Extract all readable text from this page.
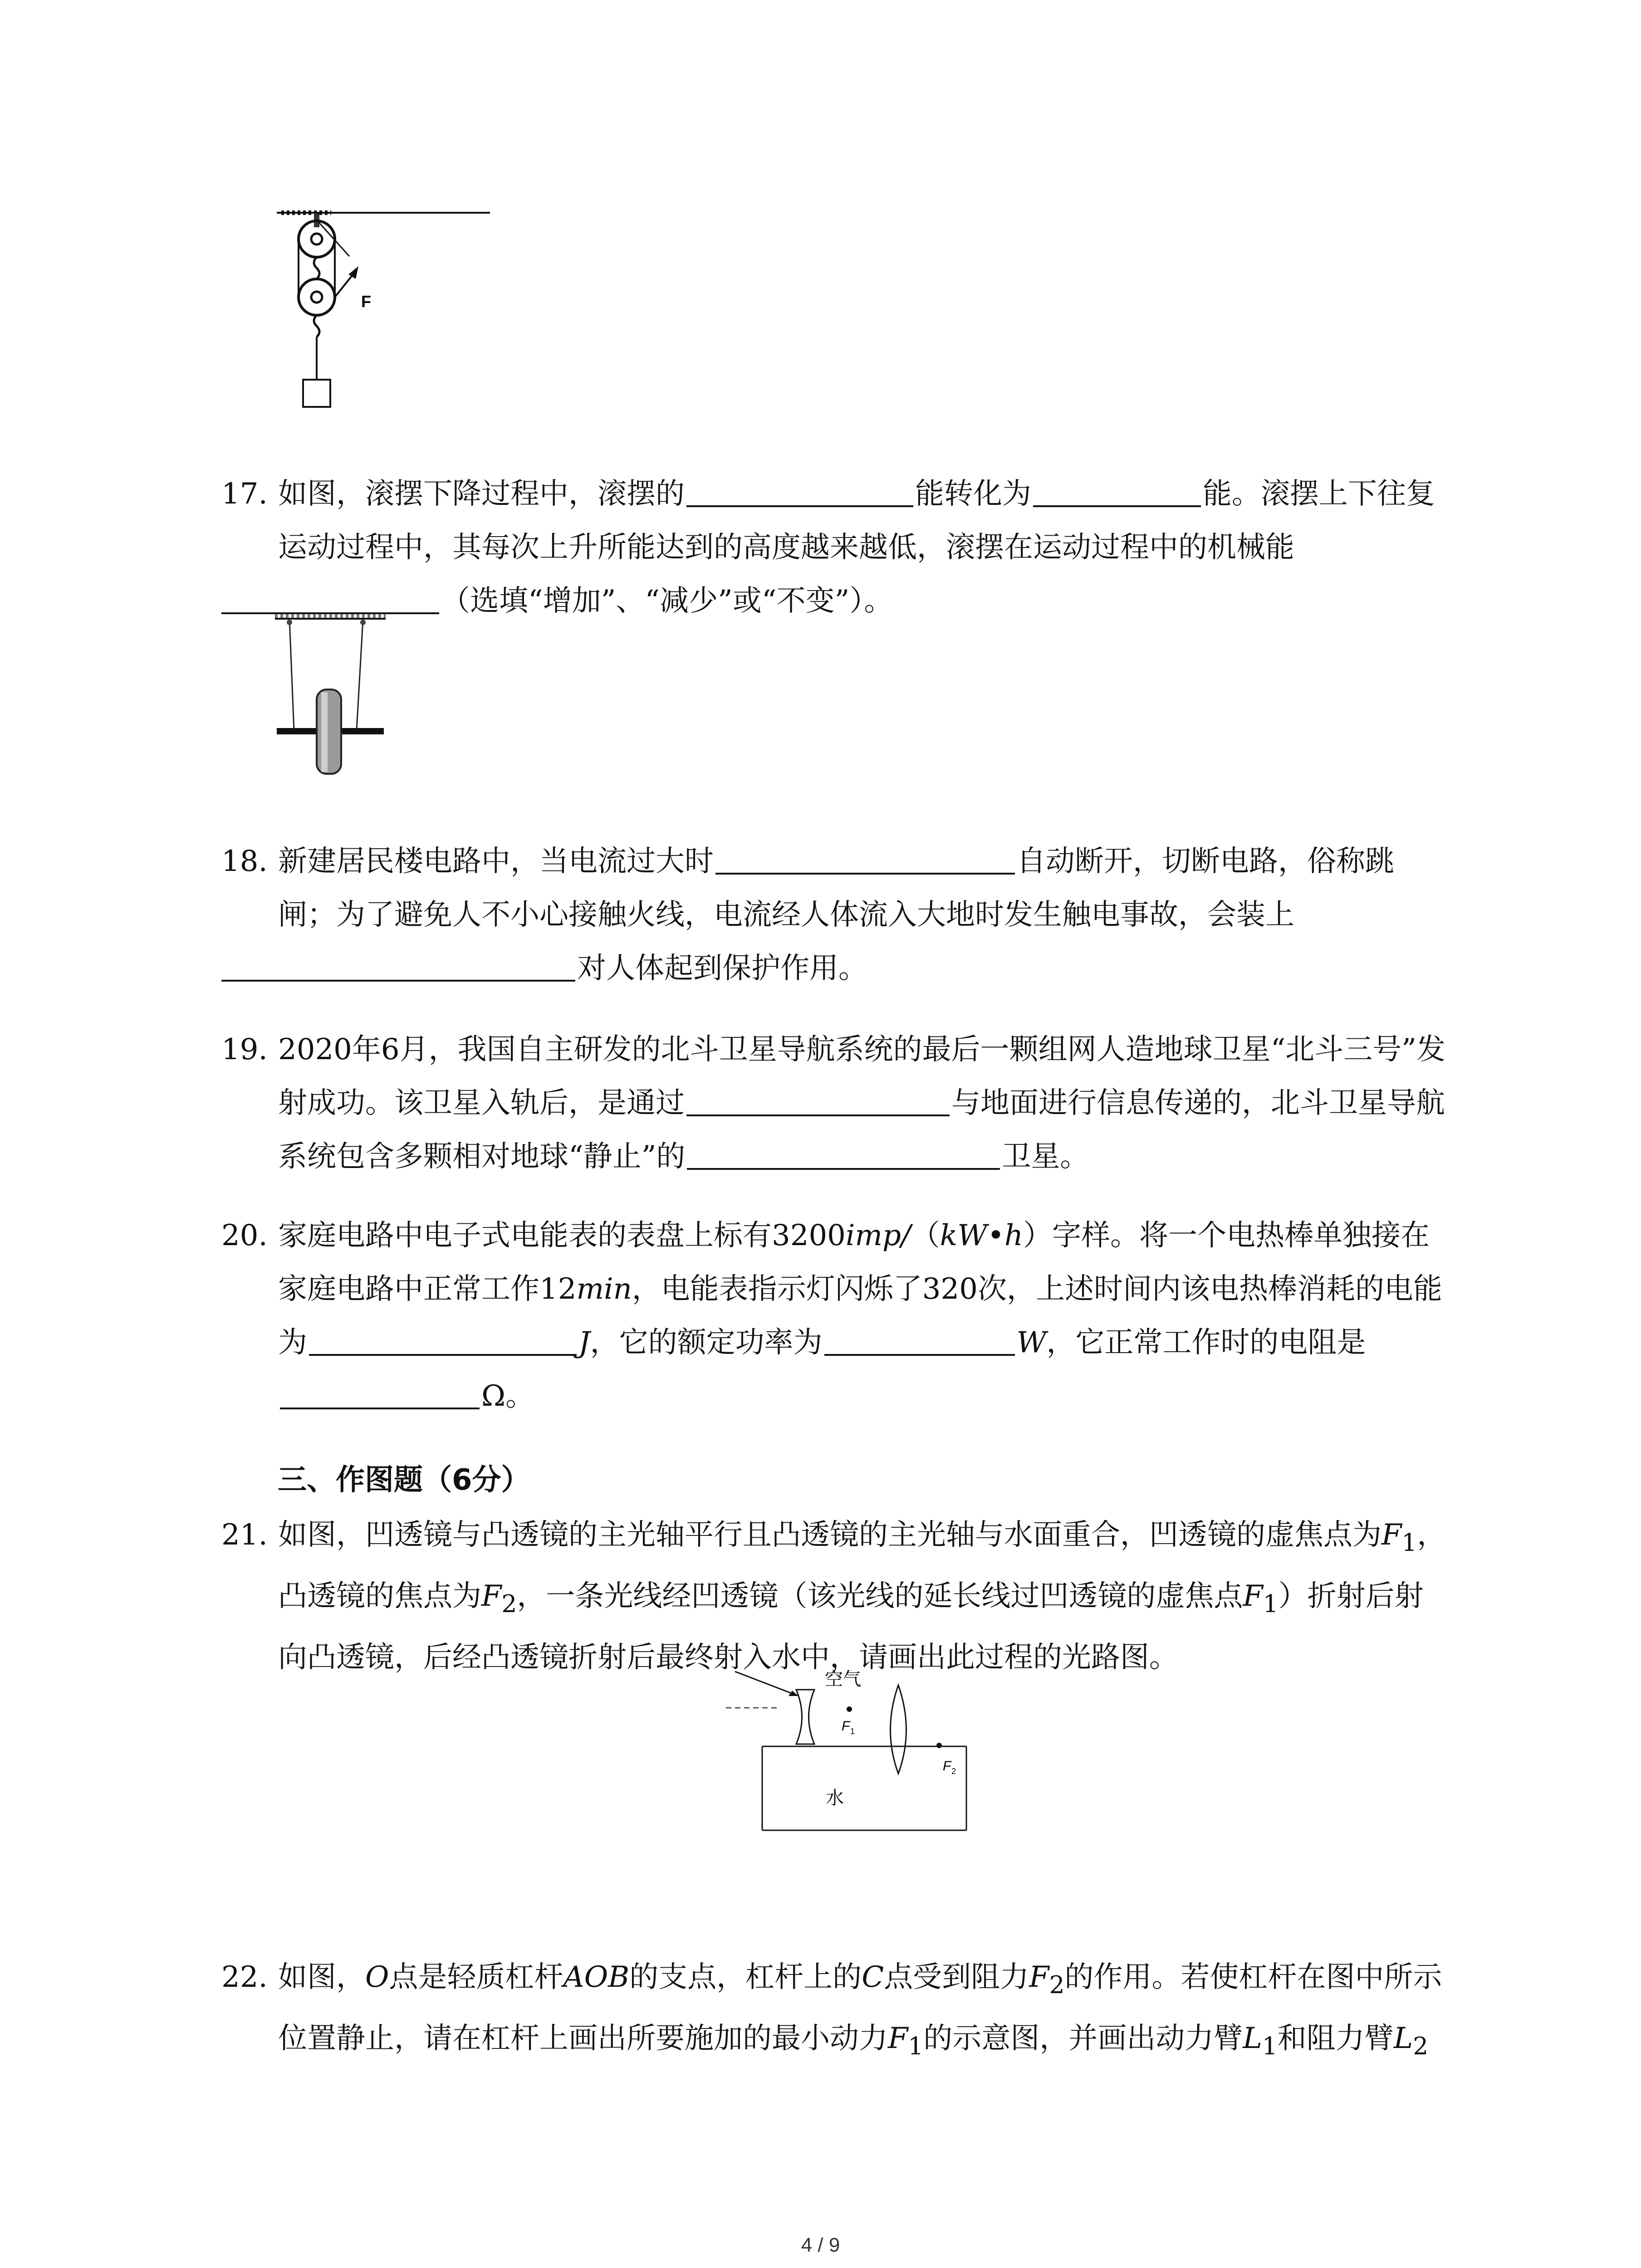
F
17. 如图，滚摆下降过程中，滚摆的	能转化为	能。滚摆上下往复运动过程中，其每次上升所能达到的高度越来越低，滚摆在运动过程中的机械能
（选填“增加”、“减少”或“不变”）。
18. 新建居民楼电路中，当电流过大时	自动断开，切断电路，俗称跳闸；为了避免人不小心接触火线，电流经人体流入大地时发生触电事故，会装上
对人体起到保护作用。
19. 2020年6月，我国自主研发的北斗卫星导航系统的最后一颗组网人造地球卫星“北斗三号”发射成功。该卫星入轨后，是通过	与地面进行信息传递的，北斗卫星导航系统包含多颗相对地球“静止”的	卫星。
20. 家庭电路中电子式电能表的表盘上标有3200imp/（kW•h）字样。将一个电热棒单独接在家庭电路中正常工作12min，电能表指示灯闪烁了320次，上述时间内该电热棒消耗的电能为	J，它的额定功率为	W，它正常工作时的电阻是Ω。
三、作图题（6分）
21. 如图，凹透镜与凸透镜的主光轴平行且凸透镜的主光轴与水面重合，凹透镜的虚焦点为$F_1$，凸透镜的焦点为$F_2$，一条光线经凹透镜（该光线的延长线过凹透镜的虚焦点$F_1$）折射后射向凸透镜，后经凸透镜折射后最终射入水中，请画出此过程的光路图。
F 1
空气
F 2
水
22. 如图，O点是轻质杠杆AOB的支点，杠杆上的C点受到阻力$F_2$的作用。若使杠杆在图中所示位置静止，请在杠杆上画出所要施加的最小动力$F_1$的示意图，并画出动力臂$L_1$和阻力臂$L_2$
4 / 9
